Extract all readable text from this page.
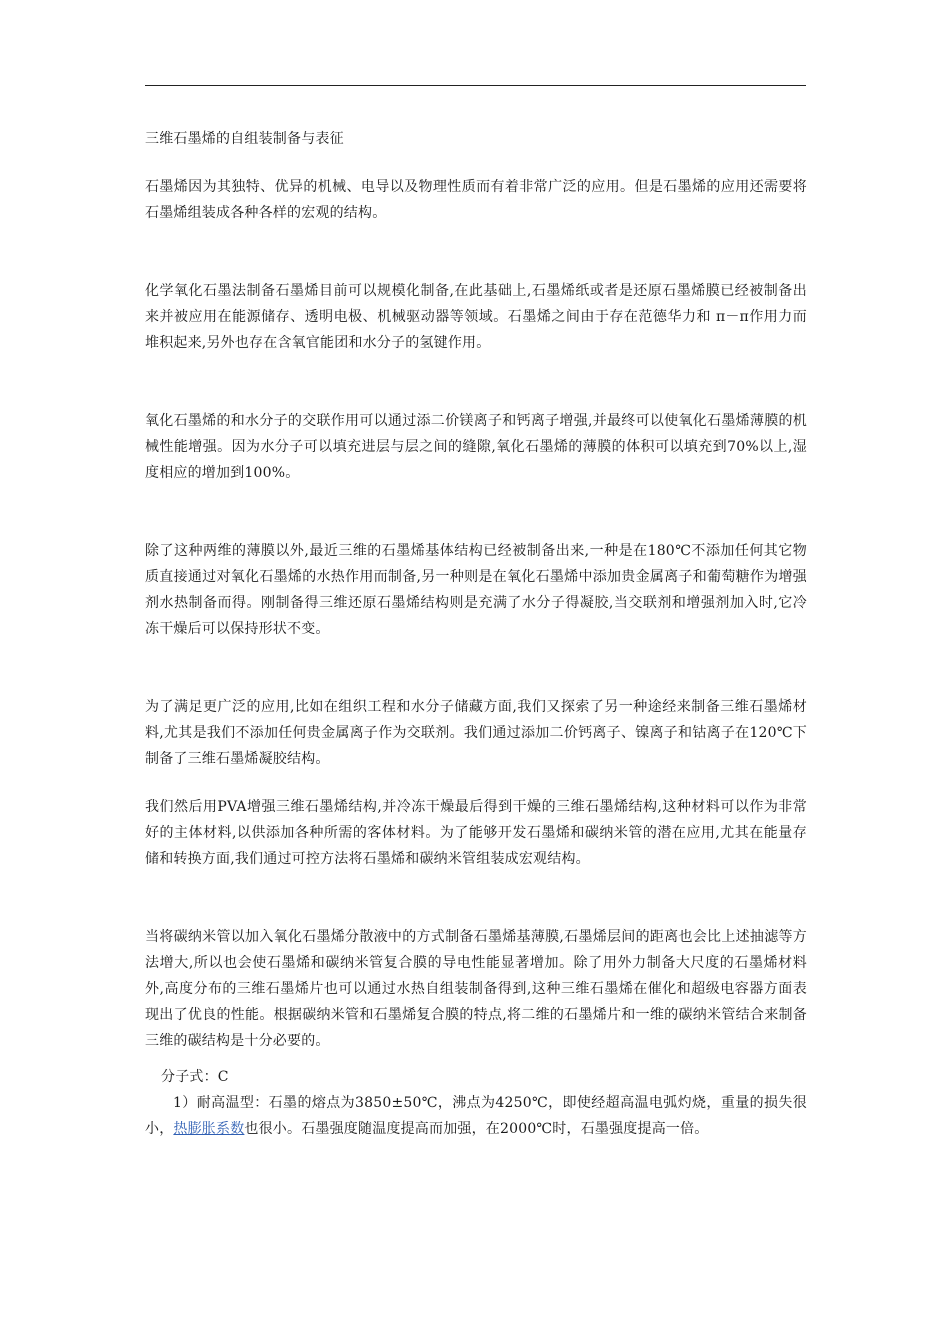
三维石墨烯的自组装制备与表征

石墨烯因为其独特、优异的机械、电导以及物理性质而有着非常广泛的应用。但是石墨烯的应用还需要将石墨烯组装成各种各样的宏观的结构。

化学氧化石墨法制备石墨烯目前可以规模化制备,在此基础上,石墨烯纸或者是还原石墨烯膜已经被制备出来并被应用在能源储存、透明电极、机械驱动器等领域。石墨烯之间由于存在范德华力和 π－π作用力而堆积起来,另外也存在含氧官能团和水分子的氢键作用。

氧化石墨烯的和水分子的交联作用可以通过添二价镁离子和钙离子增强,并最终可以使氧化石墨烯薄膜的机械性能增强。因为水分子可以填充进层与层之间的缝隙,氧化石墨烯的薄膜的体积可以填充到70%以上,湿度相应的增加到100%。

除了这种两维的薄膜以外,最近三维的石墨烯基体结构已经被制备出来,一种是在180℃不添加任何其它物质直接通过对氧化石墨烯的水热作用而制备,另一种则是在氧化石墨烯中添加贵金属离子和葡萄糖作为增强剂水热制备而得。刚制备得三维还原石墨烯结构则是充满了水分子得凝胶,当交联剂和增强剂加入时,它冷冻干燥后可以保持形状不变。

为了满足更广泛的应用,比如在组织工程和水分子储藏方面,我们又探索了另一种途经来制备三维石墨烯材料,尤其是我们不添加任何贵金属离子作为交联剂。我们通过添加二价钙离子、镍离子和钴离子在120℃下制备了三维石墨烯凝胶结构。

我们然后用PVA增强三维石墨烯结构,并冷冻干燥最后得到干燥的三维石墨烯结构,这种材料可以作为非常好的主体材料,以供添加各种所需的客体材料。为了能够开发石墨烯和碳纳米管的潜在应用,尤其在能量存储和转换方面,我们通过可控方法将石墨烯和碳纳米管组装成宏观结构。

当将碳纳米管以加入氧化石墨烯分散液中的方式制备石墨烯基薄膜,石墨烯层间的距离也会比上述抽滤等方法增大,所以也会使石墨烯和碳纳米管复合膜的导电性能显著增加。除了用外力制备大尺度的石墨烯材料外,高度分布的三维石墨烯片也可以通过水热自组装制备得到,这种三维石墨烯在催化和超级电容器方面表现出了优良的性能。根据碳纳米管和石墨烯复合膜的特点,将二维的石墨烯片和一维的碳纳米管结合来制备三维的碳结构是十分必要的。

分子式：C

1）耐高温型：石墨的熔点为3850±50℃，沸点为4250℃，即使经超高温电弧灼烧，重量的损失很小，热膨胀系数也很小。石墨强度随温度提高而加强，在2000℃时，石墨强度提高一倍。
